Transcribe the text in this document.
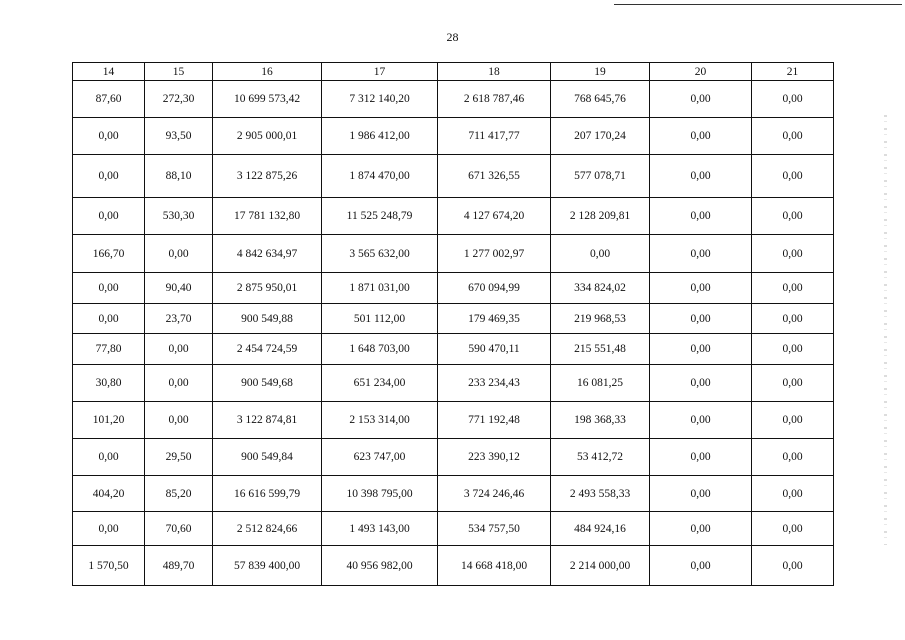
28
14	15	16	17	18	19	20	21
87,60	272,30	10 699 573,42	7 312 140,20	2 618 787,46	768 645,76	0,00	0,00
0,00	93,50	2 905 000,01	1 986 412,00	711 417,77	207 170,24	0,00	0,00
0,00	88,10	3 122 875,26	1 874 470,00	671 326,55	577 078,71	0,00	0,00
0,00	530,30	17 781 132,80	11 525 248,79	4 127 674,20	2 128 209,81	0,00	0,00
166,70	0,00	4 842 634,97	3 565 632,00	1 277 002,97	0,00	0,00	0,00
0,00	90,40	2 875 950,01	1 871 031,00	670 094,99	334 824,02	0,00	0,00
0,00	23,70	900 549,88	501 112,00	179 469,35	219 968,53	0,00	0,00
77,80	0,00	2 454 724,59	1 648 703,00	590 470,11	215 551,48	0,00	0,00
30,80	0,00	900 549,68	651 234,00	233 234,43	16 081,25	0,00	0,00
101,20	0,00	3 122 874,81	2 153 314,00	771 192,48	198 368,33	0,00	0,00
0,00	29,50	900 549,84	623 747,00	223 390,12	53 412,72	0,00	0,00
404,20	85,20	16 616 599,79	10 398 795,00	3 724 246,46	2 493 558,33	0,00	0,00
0,00	70,60	2 512 824,66	1 493 143,00	534 757,50	484 924,16	0,00	0,00
1 570,50	489,70	57 839 400,00	40 956 982,00	14 668 418,00	2 214 000,00	0,00	0,00
